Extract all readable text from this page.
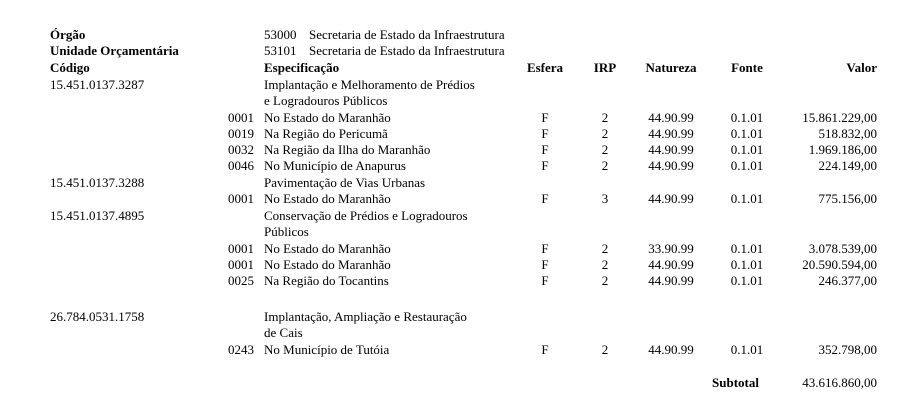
Órgão	53000 Secretaria de Estado da Infraestrutura
Unidade Orçamentária	53101 Secretaria de Estado da Infraestrutura
Código	Especificação	Esfera	IRP	Natureza	Fonte	Valor
15.451.0137.3287	Implantação e Melhoramento de Prédios
e Logradouros Públicos
0001 No Estado do Maranhão	F	2	44.90.99	0.1.01	15.861.229,00
0019 Na Região do Pericumã	F	2	44.90.99	0.1.01	518.832,00
0032 Na Região da Ilha do Maranhão	F	2	44.90.99	0.1.01	1.969.186,00
0046 No Município de Anapurus	F	2	44.90.99	0.1.01	224.149,00
15.451.0137.3288	Pavimentação de Vias Urbanas
0001 No Estado do Maranhão	F	3	44.90.99	0.1.01	775.156,00
15.451.0137.4895	Conservação de Prédios e Logradouros
Públicos
0001 No Estado do Maranhão	F	2	33.90.99	0.1.01	3.078.539,00
0001 No Estado do Maranhão	F	2	44.90.99	0.1.01	20.590.594,00
0025 Na Região do Tocantins	F	2	44.90.99	0.1.01	246.377,00
26.784.0531.1758	Implantação, Ampliação e Restauração
de Cais
0243 No Município de Tutóia	F	2	44.90.99	0.1.01	352.798,00
Subtotal	43.616.860,00
